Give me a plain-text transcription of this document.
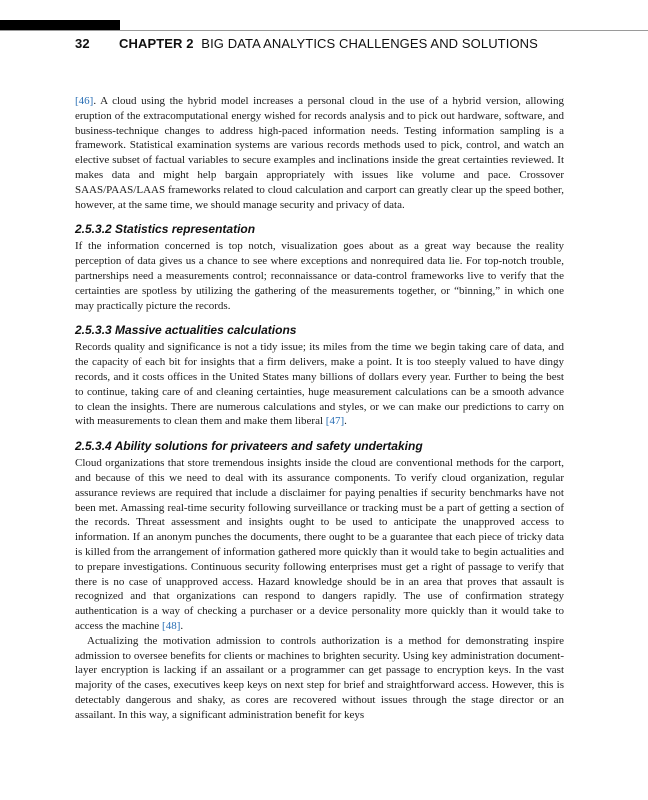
32 CHAPTER 2 BIG DATA ANALYTICS CHALLENGES AND SOLUTIONS

[46]. A cloud using the hybrid model increases a personal cloud in the use of a hybrid version, allowing eruption of the extracomputational energy wished for records analysis and to pick out hardware, software, and business-technique changes to address high-paced information needs. Testing information sampling is a framework. Statistical examination systems are various records methods used to pick, control, and watch an elective subset of factual variables to secure examples and inclinations inside the great certainties reviewed. It makes data and might help bargain appropriately with issues like volume and pace. Crossover SAAS/PAAS/LAAS frameworks related to cloud calculation and carport can greatly clear up the speed bother, however, at the same time, we should manage security and privacy of data.

2.5.3.2 Statistics representation

If the information concerned is top notch, visualization goes about as a great way because the reality perception of data gives us a chance to see where exceptions and nonrequired data lie. For top-notch trouble, partnerships need a measurements control; reconnaissance or data-control frameworks live to verify that the certainties are spotless by utilizing the gathering of the measurements together, or “binning,” in which one may practically picture the records.

2.5.3.3 Massive actualities calculations

Records quality and significance is not a tidy issue; its miles from the time we begin taking care of data, and the capacity of each bit for insights that a firm delivers, make a point. It is too steeply valued to have dingy records, and it costs offices in the United States many billions of dollars every year. Further to being the best to continue, taking care of and cleaning certainties, huge measurement calculations can be a smooth advance to clean the insights. There are numerous calculations and styles, or we can make our predictions to carry on with measurements to clean them and make them liberal [47].

2.5.3.4 Ability solutions for privateers and safety undertaking

Cloud organizations that store tremendous insights inside the cloud are conventional methods for the carport, and because of this we need to deal with its assurance components. To verify cloud organization, regular assurance reviews are required that include a disclaimer for paying penalties if security benchmarks have not been met. Amassing real-time security following surveillance or tracking must be a part of getting a section of the records. Threat assessment and insights ought to be used to anticipate the unapproved access to information. If an anonym punches the documents, there ought to be a guarantee that each piece of tricky data is killed from the arrangement of information gathered more quickly than it would take to begin actualities and to prepare investigations. Continuous security following enterprises must get a right of passage to verify that there is no case of unapproved access. Hazard knowledge should be in an area that proves that assault is recognized and that organizations can respond to dangers rapidly. The use of confirmation strategy authentication is a way of checking a purchaser or a device personality more quickly than it would take to access the machine [48].

Actualizing the motivation admission to controls authorization is a method for demonstrating inspire admission to oversee benefits for clients or machines to brighten security. Using key administration document-layer encryption is lacking if an assailant or a programmer can get passage to encryption keys. In the vast majority of the cases, executives keep keys on next step for brief and straightforward access. However, this is detectably dangerous and shaky, as cores are recovered without issues through the stage director or an assailant. In this way, a significant administration benefit for keys
